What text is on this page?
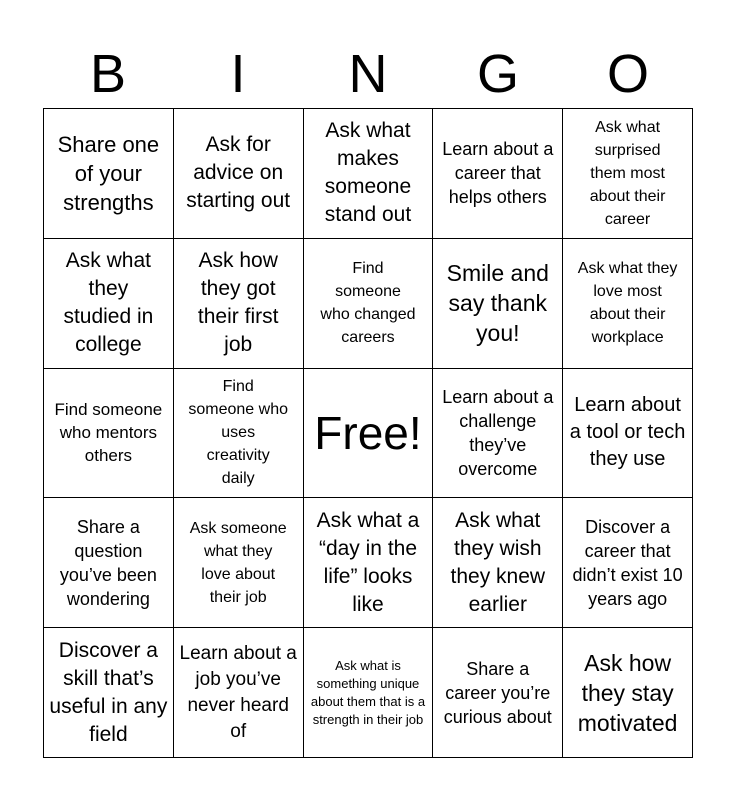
B	I	N	G	O
Share one of your strengths
Ask for advice on starting out
Ask what makes someone stand out
Learn about a career that helps others
Ask what surprised them most about their career
Ask what they studied in college
Ask how they got their first job
Find someone who changed careers
Smile and say thank you!
Ask what they love most about their workplace
Find someone who mentors others
Find someone who uses creativity daily
Free!
Learn about a challenge they’ve overcome
Learn about a tool or tech they use
Share a question you’ve been wondering
Ask someone what they love about their job
Ask what a “day in the life” looks like
Ask what they wish they knew earlier
Discover a career that didn’t exist 10 years ago
Discover a skill that’s useful in any field
Learn about a job you’ve never heard of
Ask what is something unique about them that is a strength in their job
Share a career you’re curious about
Ask how they stay motivated
